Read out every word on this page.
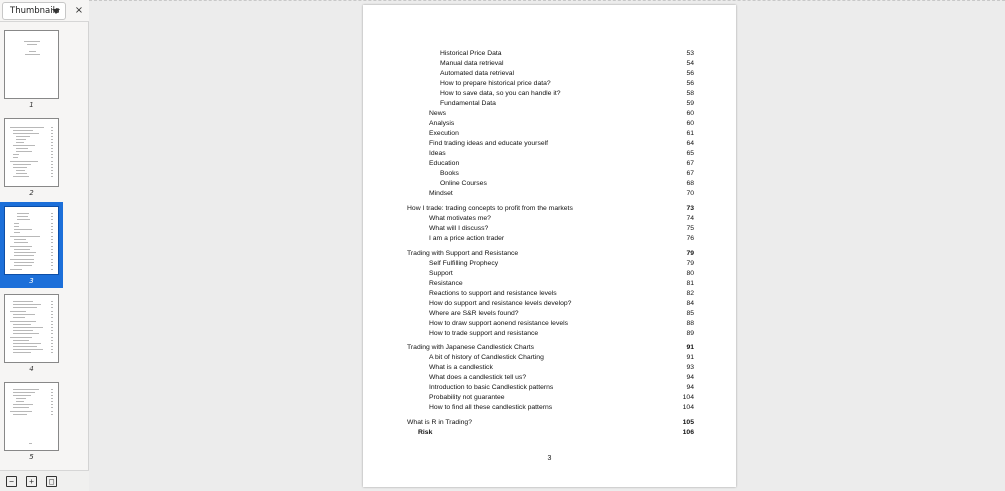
Thumbnails ×
1
2
3
4
5
−	+	□
Historical Price Data	53
Manual data retrieval	54
Automated data retrieval	56
How to prepare historical price data?	56
How to save data, so you can handle it?	58
Fundamental Data	59
News	60
Analysis	60
Execution	61
Find trading ideas and educate yourself	64
Ideas	65
Education	67
Books	67
Online Courses	68
Mindset	70
How I trade: trading concepts to profit from the markets	73
What motivates me?	74
What will I discuss?	75
I am a price action trader	76
Trading with Support and Resistance	79
Self Fulfilling Prophecy	79
Support	80
Resistance	81
Reactions to support and resistance levels	82
How do support and resistance levels develop?	84
Where are S&R levels found?	85
How to draw support aonend resistance levels	88
How to trade support and resistance	89
Trading with Japanese Candlestick Charts	91
A bit of history of Candlestick Charting	91
What is a candlestick	93
What does a candlestick tell us?	94
Introduction to basic Candlestick patterns	94
Probability not guarantee	104
How to find all these candlestick patterns	104
What is R in Trading?	105
Risk	106
3
